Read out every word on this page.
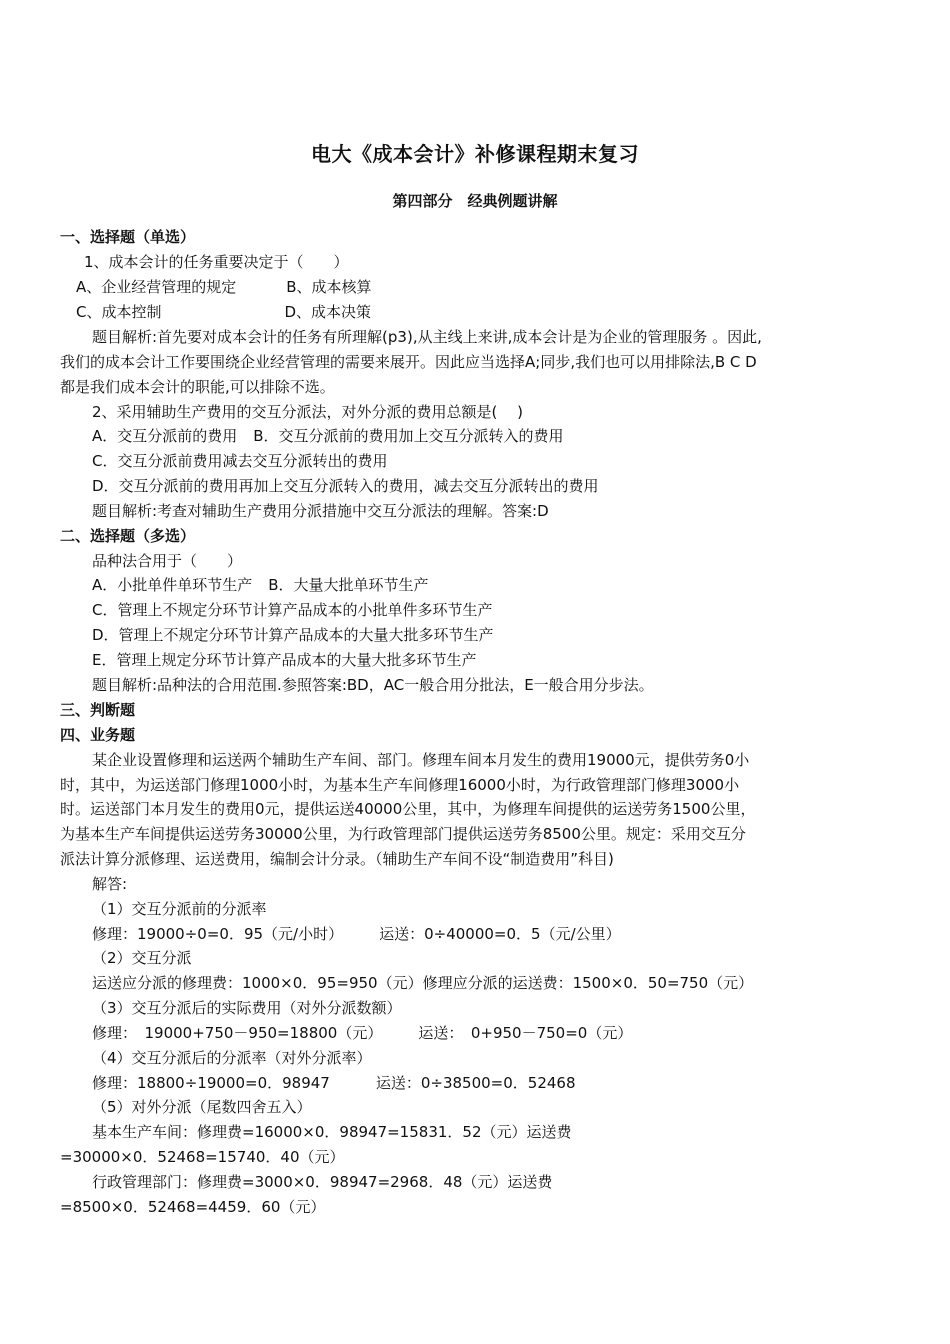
电大《成本会计》补修课程期末复习
第四部分　经典例题讲解
一、选择题（单选）
1、成本会计的任务重要决定于（　　）
A、企业经营管理的规定	B、成本核算
C、成本控制	D、成本决策
题目解析:首先要对成本会计的任务有所理解(p3),从主线上来讲,成本会计是为企业的管理服务 。因此,
我们的成本会计工作要围绕企业经营管理的需要来展开。因此应当选择A;同步,我们也可以用排除法,B C D
都是我们成本会计的职能,可以排除不选。
2、采用辅助生产费用的交互分派法，对外分派的费用总额是(　 )
A．交互分派前的费用 B．交互分派前的费用加上交互分派转入的费用
C．交互分派前费用减去交互分派转出的费用
D．交互分派前的费用再加上交互分派转入的费用，减去交互分派转出的费用
题目解析:考查对辅助生产费用分派措施中交互分派法的理解。答案:D
二、选择题（多选）
品种法合用于（　　）
A．小批单件单环节生产 B．大量大批单环节生产
C．管理上不规定分环节计算产品成本的小批单件多环节生产
D．管理上不规定分环节计算产品成本的大量大批多环节生产
E．管理上规定分环节计算产品成本的大量大批多环节生产
题目解析:品种法的合用范围.参照答案:BD，AC一般合用分批法，E一般合用分步法。
三、判断题
四、业务题
某企业设置修理和运送两个辅助生产车间、部门。修理车间本月发生的费用19000元，提供劳务0小
时，其中，为运送部门修理1000小时，为基本生产车间修理16000小时，为行政管理部门修理3000小
时。运送部门本月发生的费用0元，提供运送40000公里，其中，为修理车间提供的运送劳务1500公里，
为基本生产车间提供运送劳务30000公里，为行政管理部门提供运送劳务8500公里。规定：采用交互分
派法计算分派修理、运送费用，编制会计分录。（辅助生产车间不设“制造费用”科目)
解答:
（1）交互分派前的分派率
修理：19000÷0=0．95（元/小时） 运送：0÷40000=0．5（元/公里）
（2）交互分派
运送应分派的修理费：1000×0．95=950（元）修理应分派的运送费：1500×0．50=750（元）
（3）交互分派后的实际费用（对外分派数额）
修理：　19000+750－950=18800（元） 运送：　0+950－750=0（元）
（4）交互分派后的分派率（对外分派率）
修理：18800÷19000=0．98947	运送：0÷38500=0．52468
（5）对外分派（尾数四舍五入）
基本生产车间：修理费=16000×0．98947=15831．52（元）运送费
=30000×0．52468=15740．40（元）
行政管理部门：修理费=3000×0．98947=2968．48（元）运送费
=8500×0．52468=4459．60（元）
